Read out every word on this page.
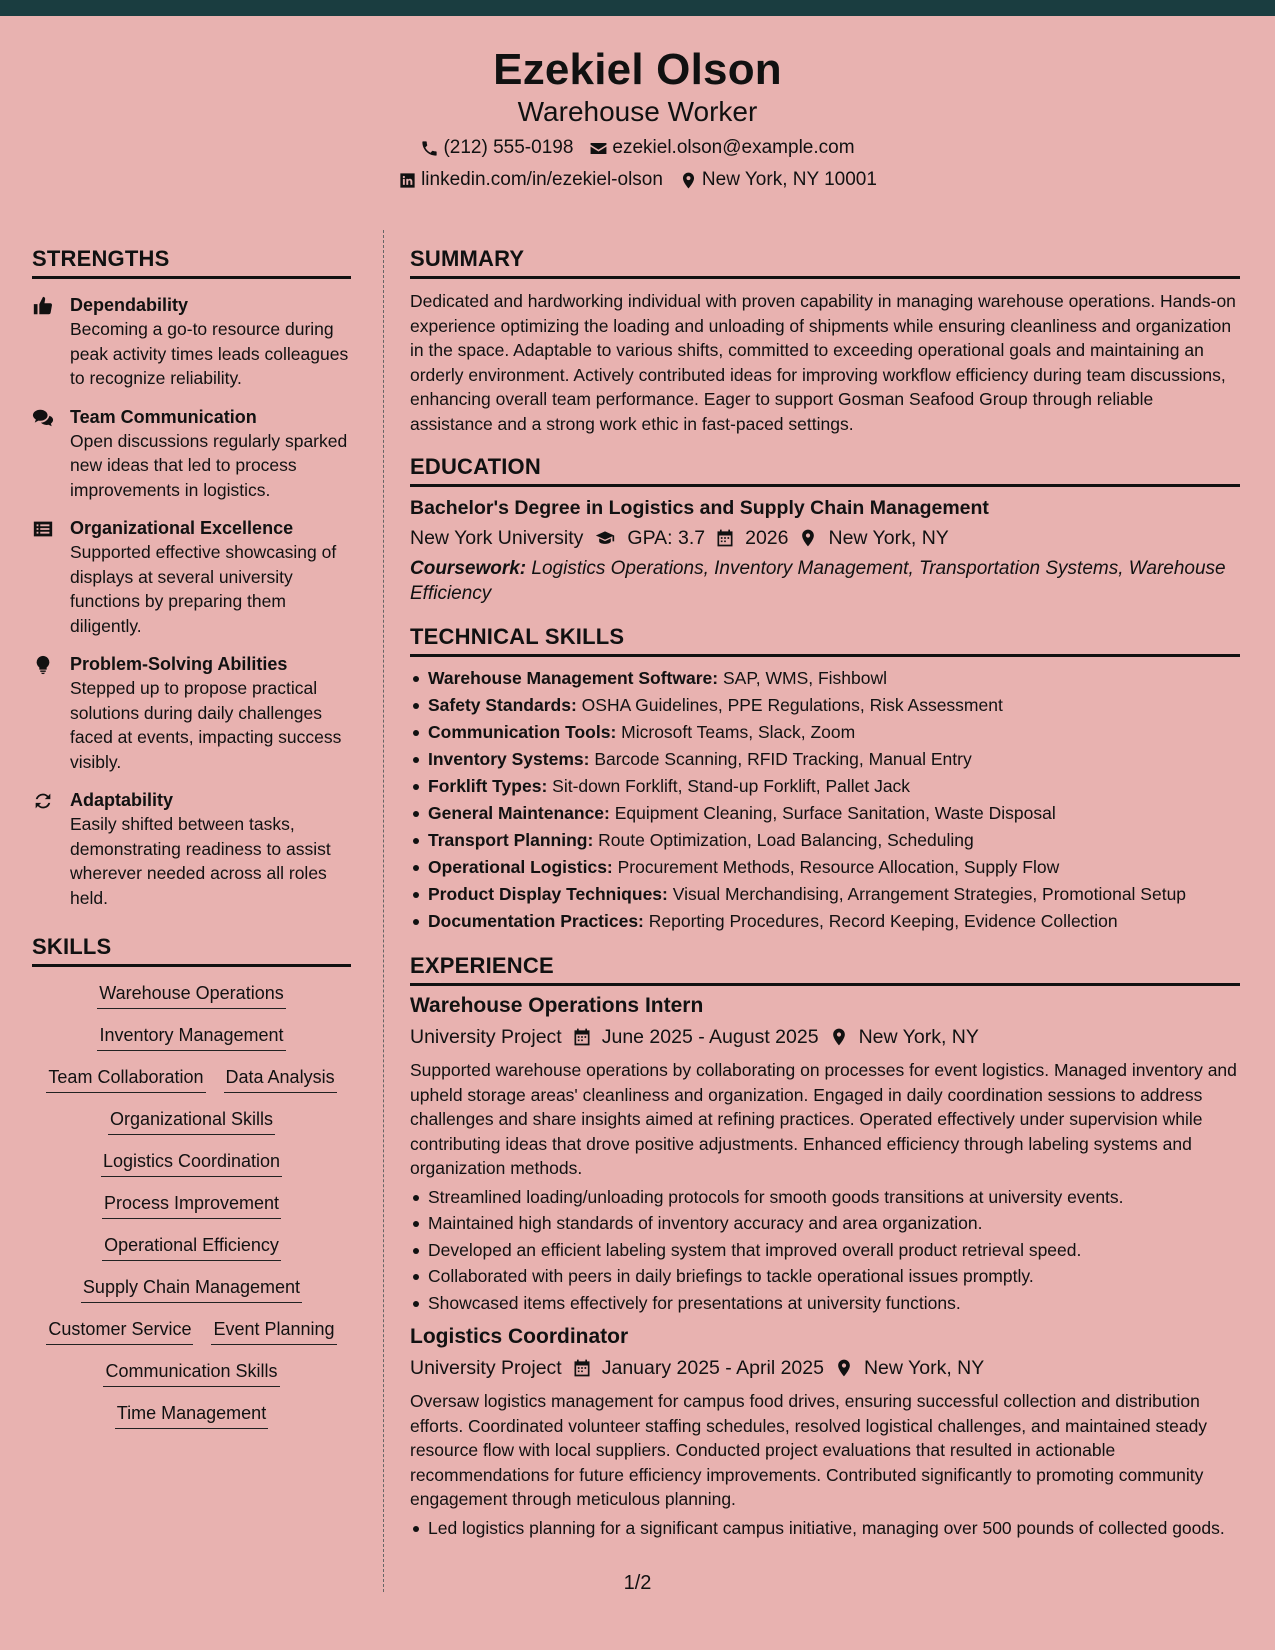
Ezekiel Olson
Warehouse Worker
(212) 555-0198 ezekiel.olson@example.com
linkedin.com/in/ezekiel-olson New York, NY 10001
STRENGTHS
Dependability
Becoming a go-to resource during peak activity times leads colleagues to recognize reliability.
Team Communication
Open discussions regularly sparked new ideas that led to process improvements in logistics.
Organizational Excellence
Supported effective showcasing of displays at several university functions by preparing them diligently.
Problem-Solving Abilities
Stepped up to propose practical solutions during daily challenges faced at events, impacting success visibly.
Adaptability
Easily shifted between tasks, demonstrating readiness to assist wherever needed across all roles held.
SKILLS
Warehouse Operations
Inventory Management
Team Collaboration Data Analysis
Organizational Skills
Logistics Coordination
Process Improvement
Operational Efficiency
Supply Chain Management
Customer Service Event Planning
Communication Skills
Time Management
SUMMARY
Dedicated and hardworking individual with proven capability in managing warehouse operations. Hands-on experience optimizing the loading and unloading of shipments while ensuring cleanliness and organization in the space. Adaptable to various shifts, committed to exceeding operational goals and maintaining an orderly environment. Actively contributed ideas for improving workflow efficiency during team discussions, enhancing overall team performance. Eager to support Gosman Seafood Group through reliable assistance and a strong work ethic in fast-paced settings.
EDUCATION
Bachelor's Degree in Logistics and Supply Chain Management
New York University GPA: 3.7 2026 New York, NY
Coursework: Logistics Operations, Inventory Management, Transportation Systems, Warehouse Efficiency
TECHNICAL SKILLS
Warehouse Management Software: SAP, WMS, Fishbowl
Safety Standards: OSHA Guidelines, PPE Regulations, Risk Assessment
Communication Tools: Microsoft Teams, Slack, Zoom
Inventory Systems: Barcode Scanning, RFID Tracking, Manual Entry
Forklift Types: Sit-down Forklift, Stand-up Forklift, Pallet Jack
General Maintenance: Equipment Cleaning, Surface Sanitation, Waste Disposal
Transport Planning: Route Optimization, Load Balancing, Scheduling
Operational Logistics: Procurement Methods, Resource Allocation, Supply Flow
Product Display Techniques: Visual Merchandising, Arrangement Strategies, Promotional Setup
Documentation Practices: Reporting Procedures, Record Keeping, Evidence Collection
EXPERIENCE
Warehouse Operations Intern
University Project June 2025 - August 2025 New York, NY
Supported warehouse operations by collaborating on processes for event logistics. Managed inventory and upheld storage areas' cleanliness and organization. Engaged in daily coordination sessions to address challenges and share insights aimed at refining practices. Operated effectively under supervision while contributing ideas that drove positive adjustments. Enhanced efficiency through labeling systems and organization methods.
Streamlined loading/unloading protocols for smooth goods transitions at university events.
Maintained high standards of inventory accuracy and area organization.
Developed an efficient labeling system that improved overall product retrieval speed.
Collaborated with peers in daily briefings to tackle operational issues promptly.
Showcased items effectively for presentations at university functions.
Logistics Coordinator
University Project January 2025 - April 2025 New York, NY
Oversaw logistics management for campus food drives, ensuring successful collection and distribution efforts. Coordinated volunteer staffing schedules, resolved logistical challenges, and maintained steady resource flow with local suppliers. Conducted project evaluations that resulted in actionable recommendations for future efficiency improvements. Contributed significantly to promoting community engagement through meticulous planning.
Led logistics planning for a significant campus initiative, managing over 500 pounds of collected goods.
1/2
